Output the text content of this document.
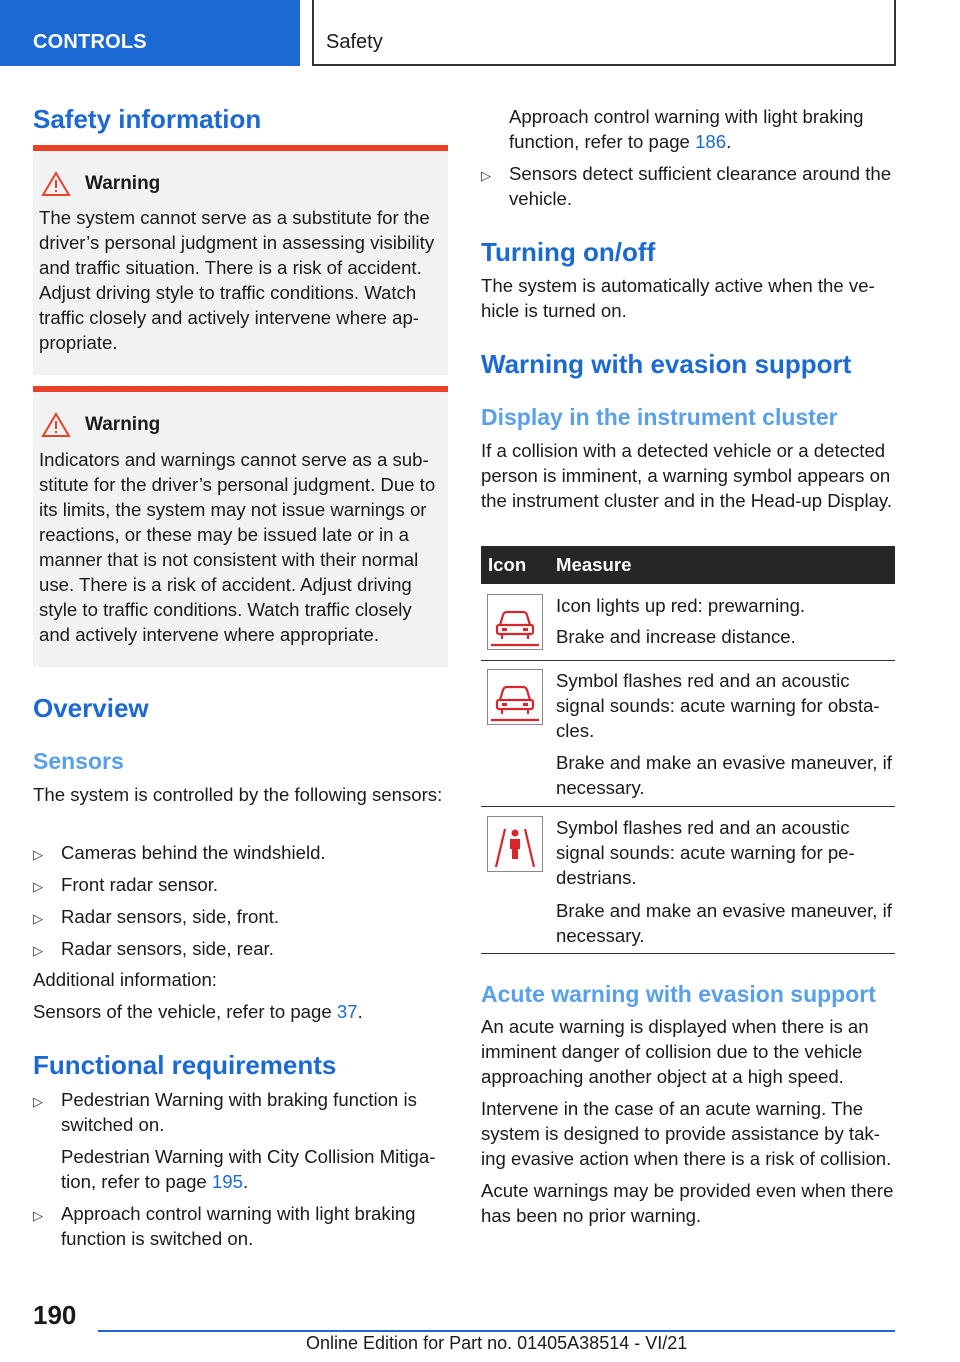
CONTROLS	Safety
Safety information
Warning
The system cannot serve as a substitute for the driver’s personal judgment in assessing visibility and traffic situation. There is a risk of accident. Adjust driving style to traffic conditions. Watch traffic closely and actively intervene where appropriate.
Warning
Indicators and warnings cannot serve as a substitute for the driver’s personal judgment. Due to its limits, the system may not issue warnings or reactions, or these may be issued late or in a manner that is not consistent with their normal use. There is a risk of accident. Adjust driving style to traffic conditions. Watch traffic closely and actively intervene where appropriate.
Overview
Sensors
The system is controlled by the following sensors:
▷ Cameras behind the windshield.
▷ Front radar sensor.
▷ Radar sensors, side, front.
▷ Radar sensors, side, rear.
Additional information:
Sensors of the vehicle, refer to page 37.
Functional requirements
▷ Pedestrian Warning with braking function is switched on.
Pedestrian Warning with City Collision Mitigation, refer to page 195.
▷ Approach control warning with light braking function is switched on.
Approach control warning with light braking function, refer to page 186.
▷ Sensors detect sufficient clearance around the vehicle.
Turning on/off
The system is automatically active when the vehicle is turned on.
Warning with evasion support
Display in the instrument cluster
If a collision with a detected vehicle or a detected person is imminent, a warning symbol appears on the instrument cluster and in the Head-up Display.
Icon Measure
Icon lights up red: prewarning.
Brake and increase distance.
Symbol flashes red and an acoustic signal sounds: acute warning for obstacles.
Brake and make an evasive maneuver, if necessary.
Symbol flashes red and an acoustic signal sounds: acute warning for pedestrians.
Brake and make an evasive maneuver, if necessary.
Acute warning with evasion support
An acute warning is displayed when there is an imminent danger of collision due to the vehicle approaching another object at a high speed.
Intervene in the case of an acute warning. The system is designed to provide assistance by taking evasive action when there is a risk of collision.
Acute warnings may be provided even when there has been no prior warning.
190
Online Edition for Part no. 01405A38514 - VI/21
